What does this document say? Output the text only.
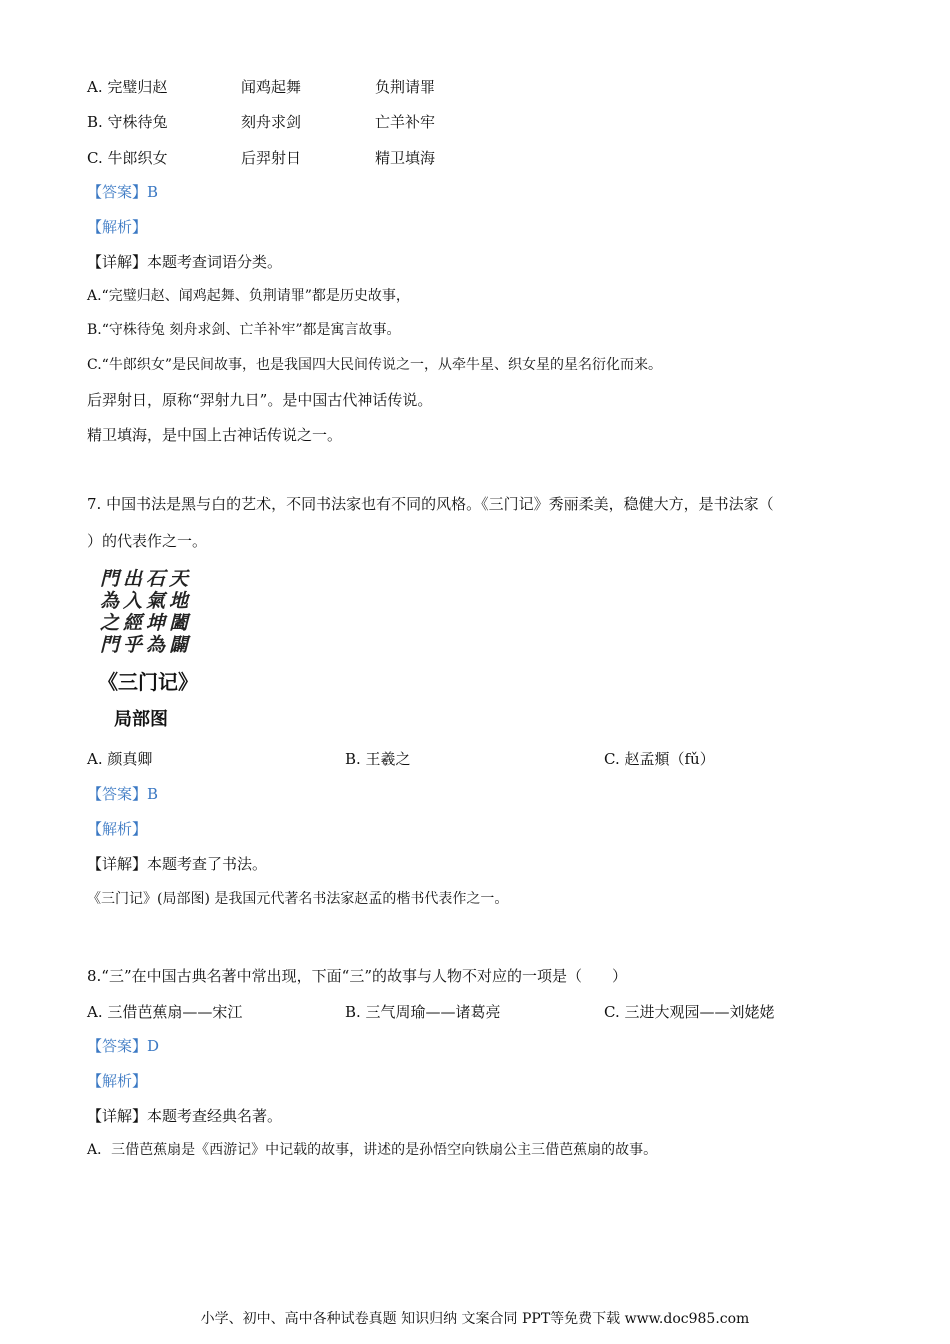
A. 完璧归赵	闻鸡起舞	负荆请罪
B. 守株待兔	刻舟求剑	亡羊补牢
C. 牛郎织女	后羿射日	精卫填海
【答案】B
【解析】
【详解】本题考查词语分类。
A.“完璧归赵、闻鸡起舞、负荆请罪”都是历史故事，
B.“守株待兔 刻舟求剑、亡羊补牢”都是寓言故事。
C.“牛郎织女”是民间故事，也是我国四大民间传说之一，从牵牛星、织女星的星名衍化而来。
后羿射日，原称“羿射九日”。是中国古代神话传说。
精卫填海，是中国上古神话传说之一。
7. 中国书法是黑与白的艺术，不同书法家也有不同的风格。《三门记》秀丽柔美，稳健大方，是书法家（
）的代表作之一。
門出石天
為入氣地
之經坤闔
門乎為闢
《三门记》
局部图
A. 颜真卿	B. 王羲之	C. 赵孟頫（fǔ）
【答案】B
【解析】
【详解】本题考查了书法。
《三门记》(局部图) 是我国元代著名书法家赵孟的楷书代表作之一。
8.“三”在中国古典名著中常出现，下面“三”的故事与人物不对应的一项是（　　）
A. 三借芭蕉扇——宋江	B. 三气周瑜——诸葛亮	C. 三进大观园——刘姥姥
【答案】D
【解析】
【详解】本题考查经典名著。
A．三借芭蕉扇是《西游记》中记载的故事，讲述的是孙悟空向铁扇公主三借芭蕉扇的故事。
小学、初中、高中各种试卷真题 知识归纳 文案合同 PPT等免费下载 www.doc985.com
